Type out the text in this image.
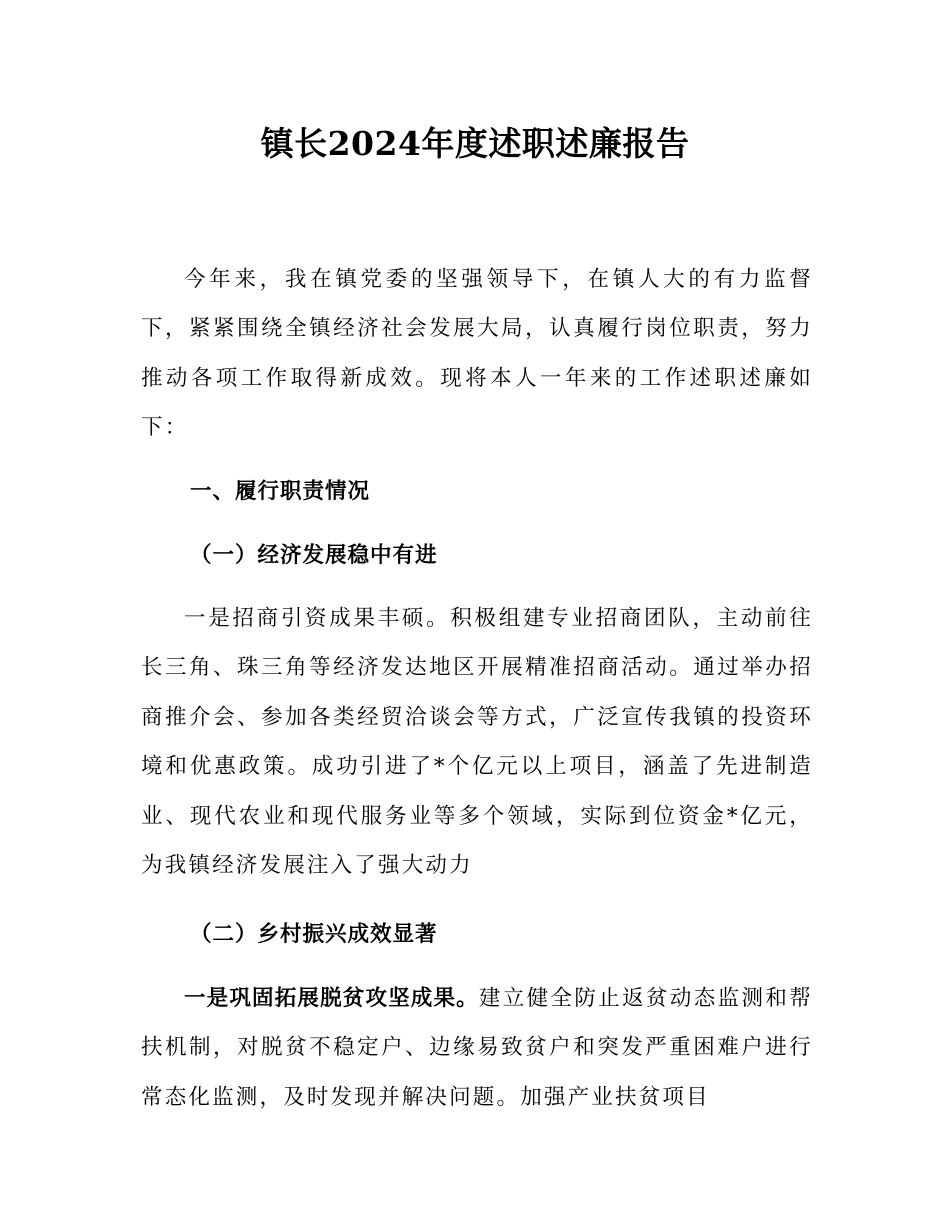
镇长2024年度述职述廉报告

今年来，我在镇党委的坚强领导下，在镇人大的有力监督下，紧紧围绕全镇经济社会发展大局，认真履行岗位职责，努力推动各项工作取得新成效。现将本人一年来的工作述职述廉如下：

一、履行职责情况
（一）经济发展稳中有进

一是招商引资成果丰硕。积极组建专业招商团队，主动前往长三角、珠三角等经济发达地区开展精准招商活动。通过举办招商推介会、参加各类经贸洽谈会等方式，广泛宣传我镇的投资环境和优惠政策。成功引进了*个亿元以上项目，涵盖了先进制造业、现代农业和现代服务业等多个领域，实际到位资金*亿元，为我镇经济发展注入了强大动力

（二）乡村振兴成效显著

一是巩固拓展脱贫攻坚成果。建立健全防止返贫动态监测和帮扶机制，对脱贫不稳定户、边缘易致贫户和突发严重困难户进行常态化监测，及时发现并解决问题。加强产业扶贫项目
